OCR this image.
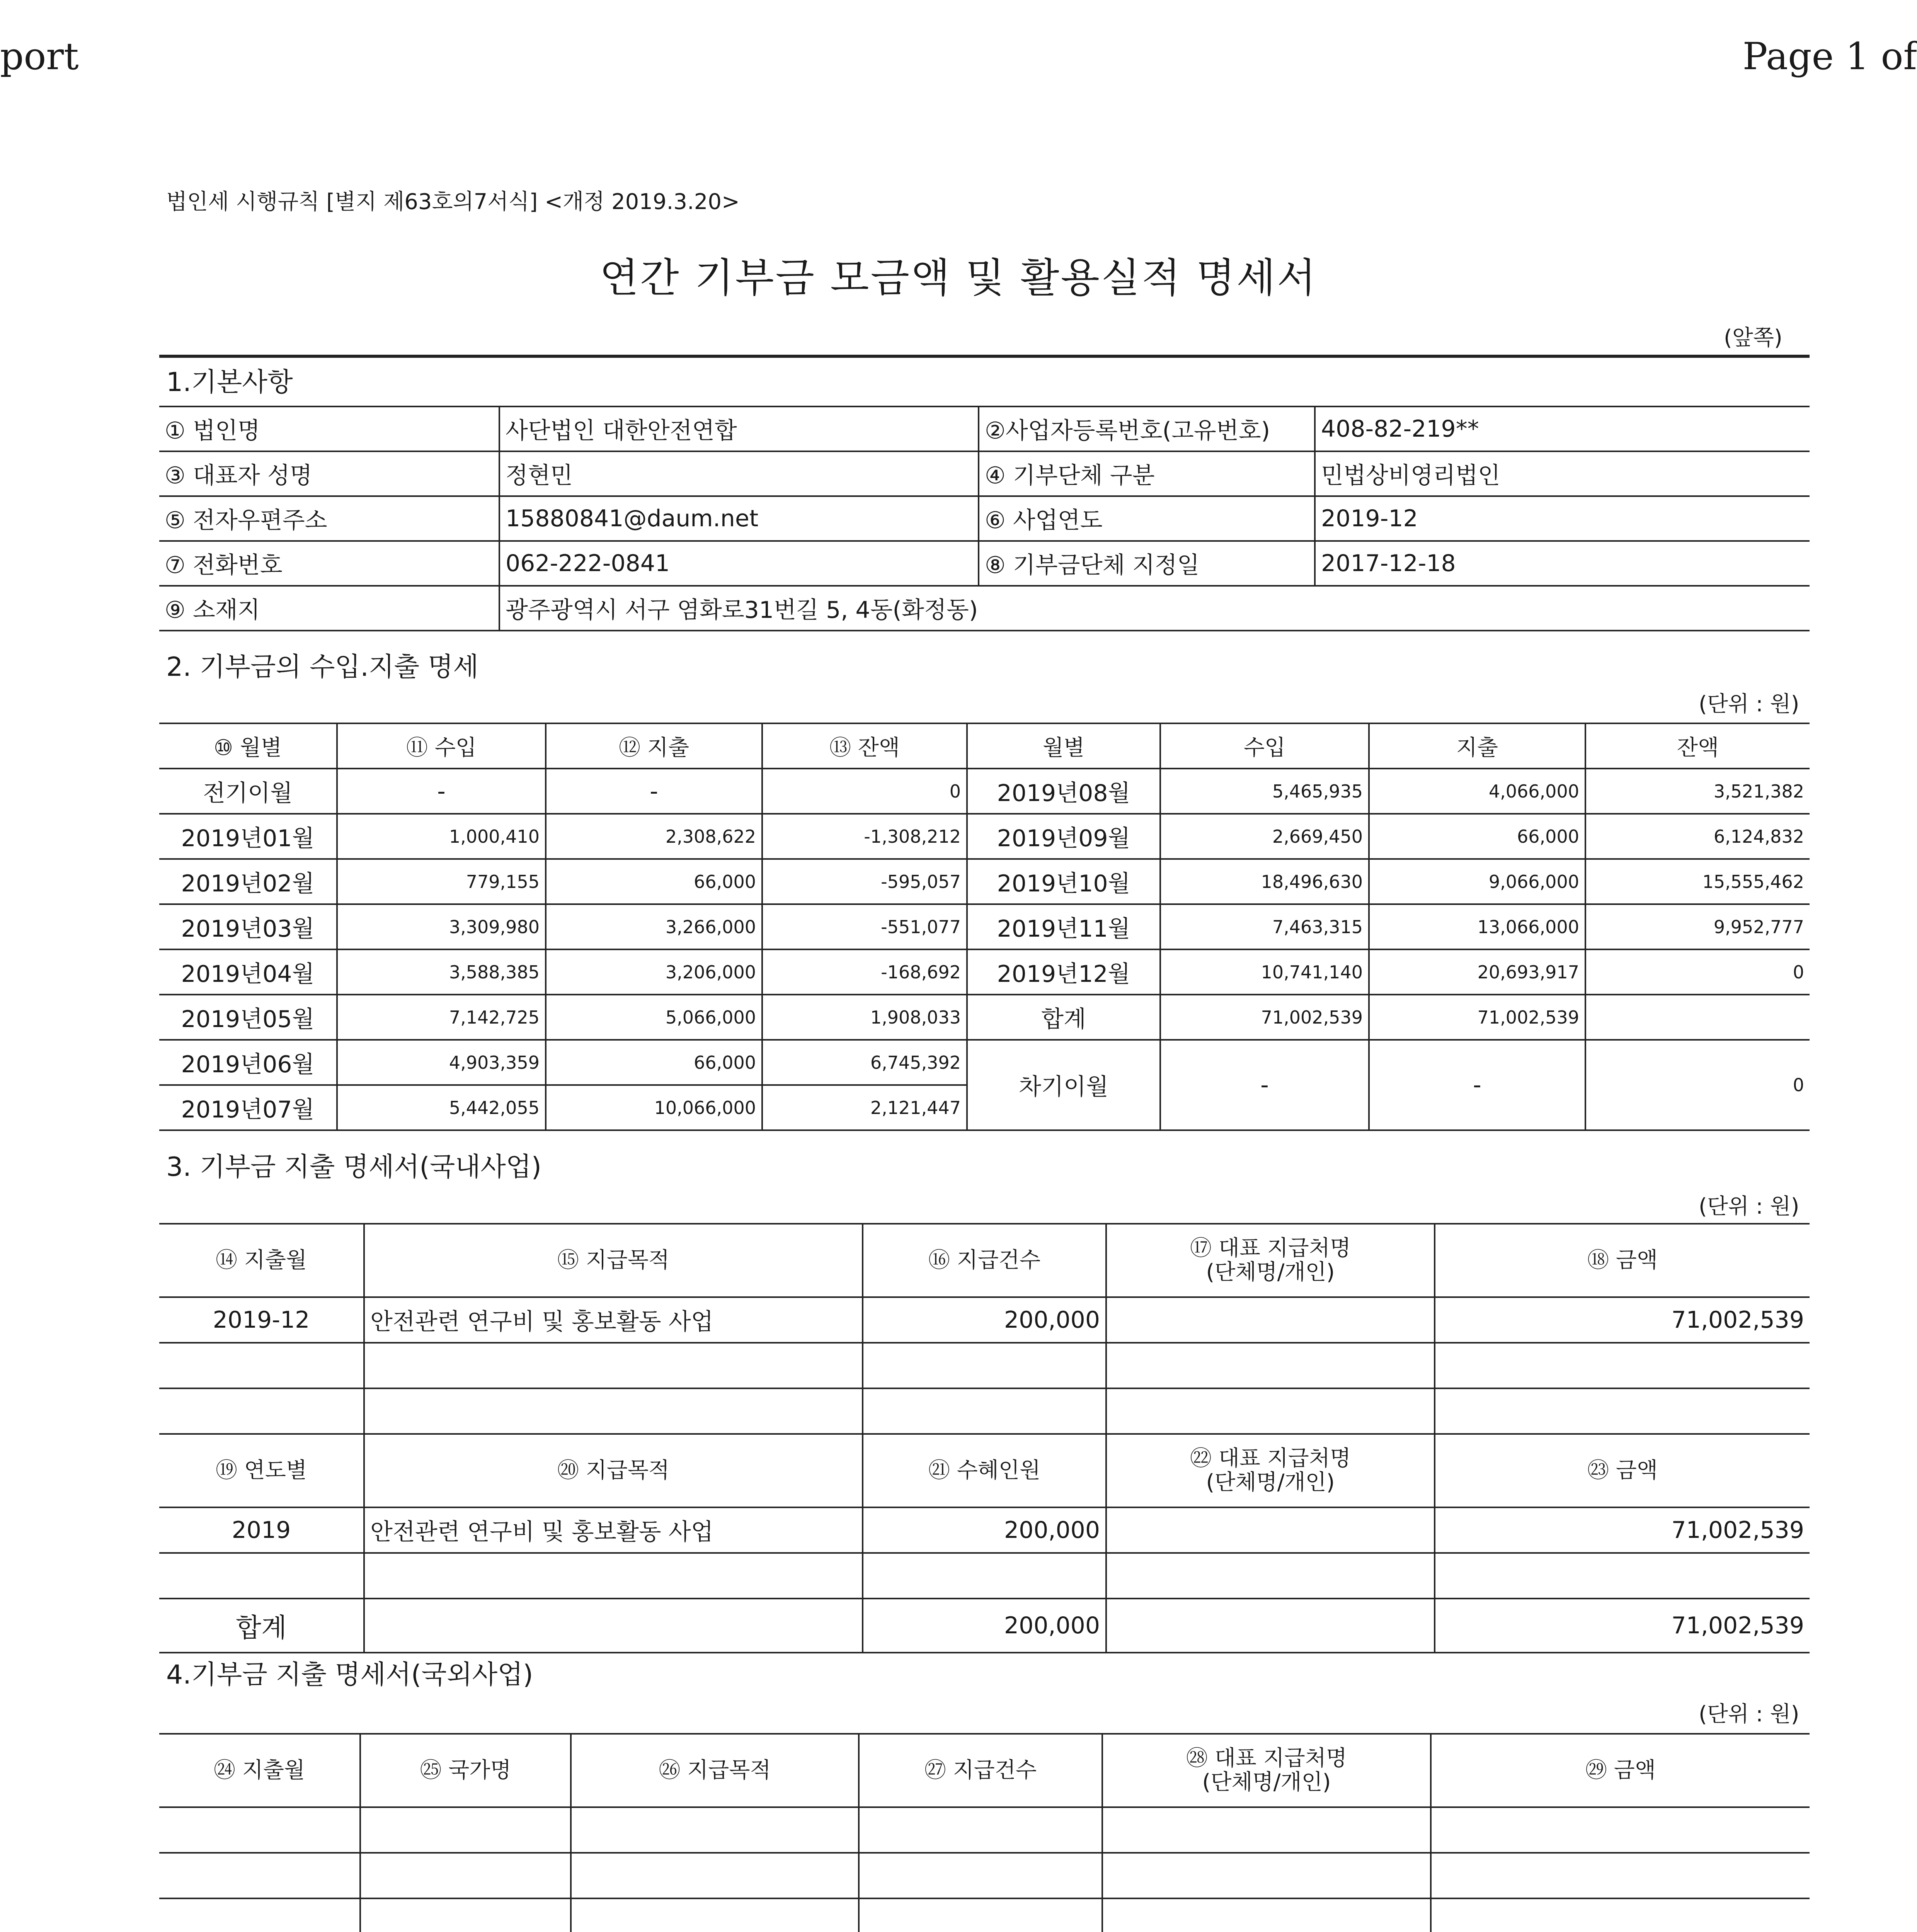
port	Page 1 of
법인세 시행규칙 [별지 제63호의7서식] <개정 2019.3.20>
연간 기부금 모금액 및 활용실적 명세서
(앞쪽)
1.기본사항
① 법인명	사단법인 대한안전연합	②사업자등록번호(고유번호)	408-82-219**
③ 대표자 성명	정현민	④ 기부단체 구분	민법상비영리법인
⑤ 전자우편주소	15880841@daum.net	⑥ 사업연도	2019-12
⑦ 전화번호	062-222-0841	⑧ 기부금단체 지정일	2017-12-18
⑨ 소재지	광주광역시 서구 염화로31번길 5, 4동(화정동)		
2. 기부금의 수입.지출 명세
(단위 : 원)
⑩ 월별	⑪ 수입	⑫ 지출	⑬ 잔액	월별	수입	지출	잔액
전기이월	-	-	0	2019년08월	5,465,935	4,066,000	3,521,382
2019년01월	1,000,410	2,308,622	-1,308,212	2019년09월	2,669,450	66,000	6,124,832
2019년02월	779,155	66,000	-595,057	2019년10월	18,496,630	9,066,000	15,555,462
2019년03월	3,309,980	3,266,000	-551,077	2019년11월	7,463,315	13,066,000	9,952,777
2019년04월	3,588,385	3,206,000	-168,692	2019년12월	10,741,140	20,693,917	0
2019년05월	7,142,725	5,066,000	1,908,033	합계	71,002,539	71,002,539	
2019년06월	4,903,359	66,000	6,745,392	차기이월	-	-	0
2019년07월	5,442,055	10,066,000	2,121,447				
3. 기부금 지출 명세서(국내사업)
(단위 : 원)
⑭ 지출월	⑮ 지급목적	⑯ 지급건수	⑰ 대표 지급처명
(단체명/개인)	⑱ 금액
2019-12	안전관련 연구비 및 홍보활동 사업	200,000		71,002,539

⑲ 연도별	⑳ 지급목적	㉑ 수혜인원	㉒ 대표 지급처명
(단체명/개인)	㉓ 금액
2019	안전관련 연구비 및 홍보활동 사업	200,000		71,002,539

합계		200,000		71,002,539
4.기부금 지출 명세서(국외사업)
(단위 : 원)
㉔ 지출월	㉕ 국가명	㉖ 지급목적	㉗ 지급건수	㉘ 대표 지급처명
(단체명/개인)	㉙ 금액
